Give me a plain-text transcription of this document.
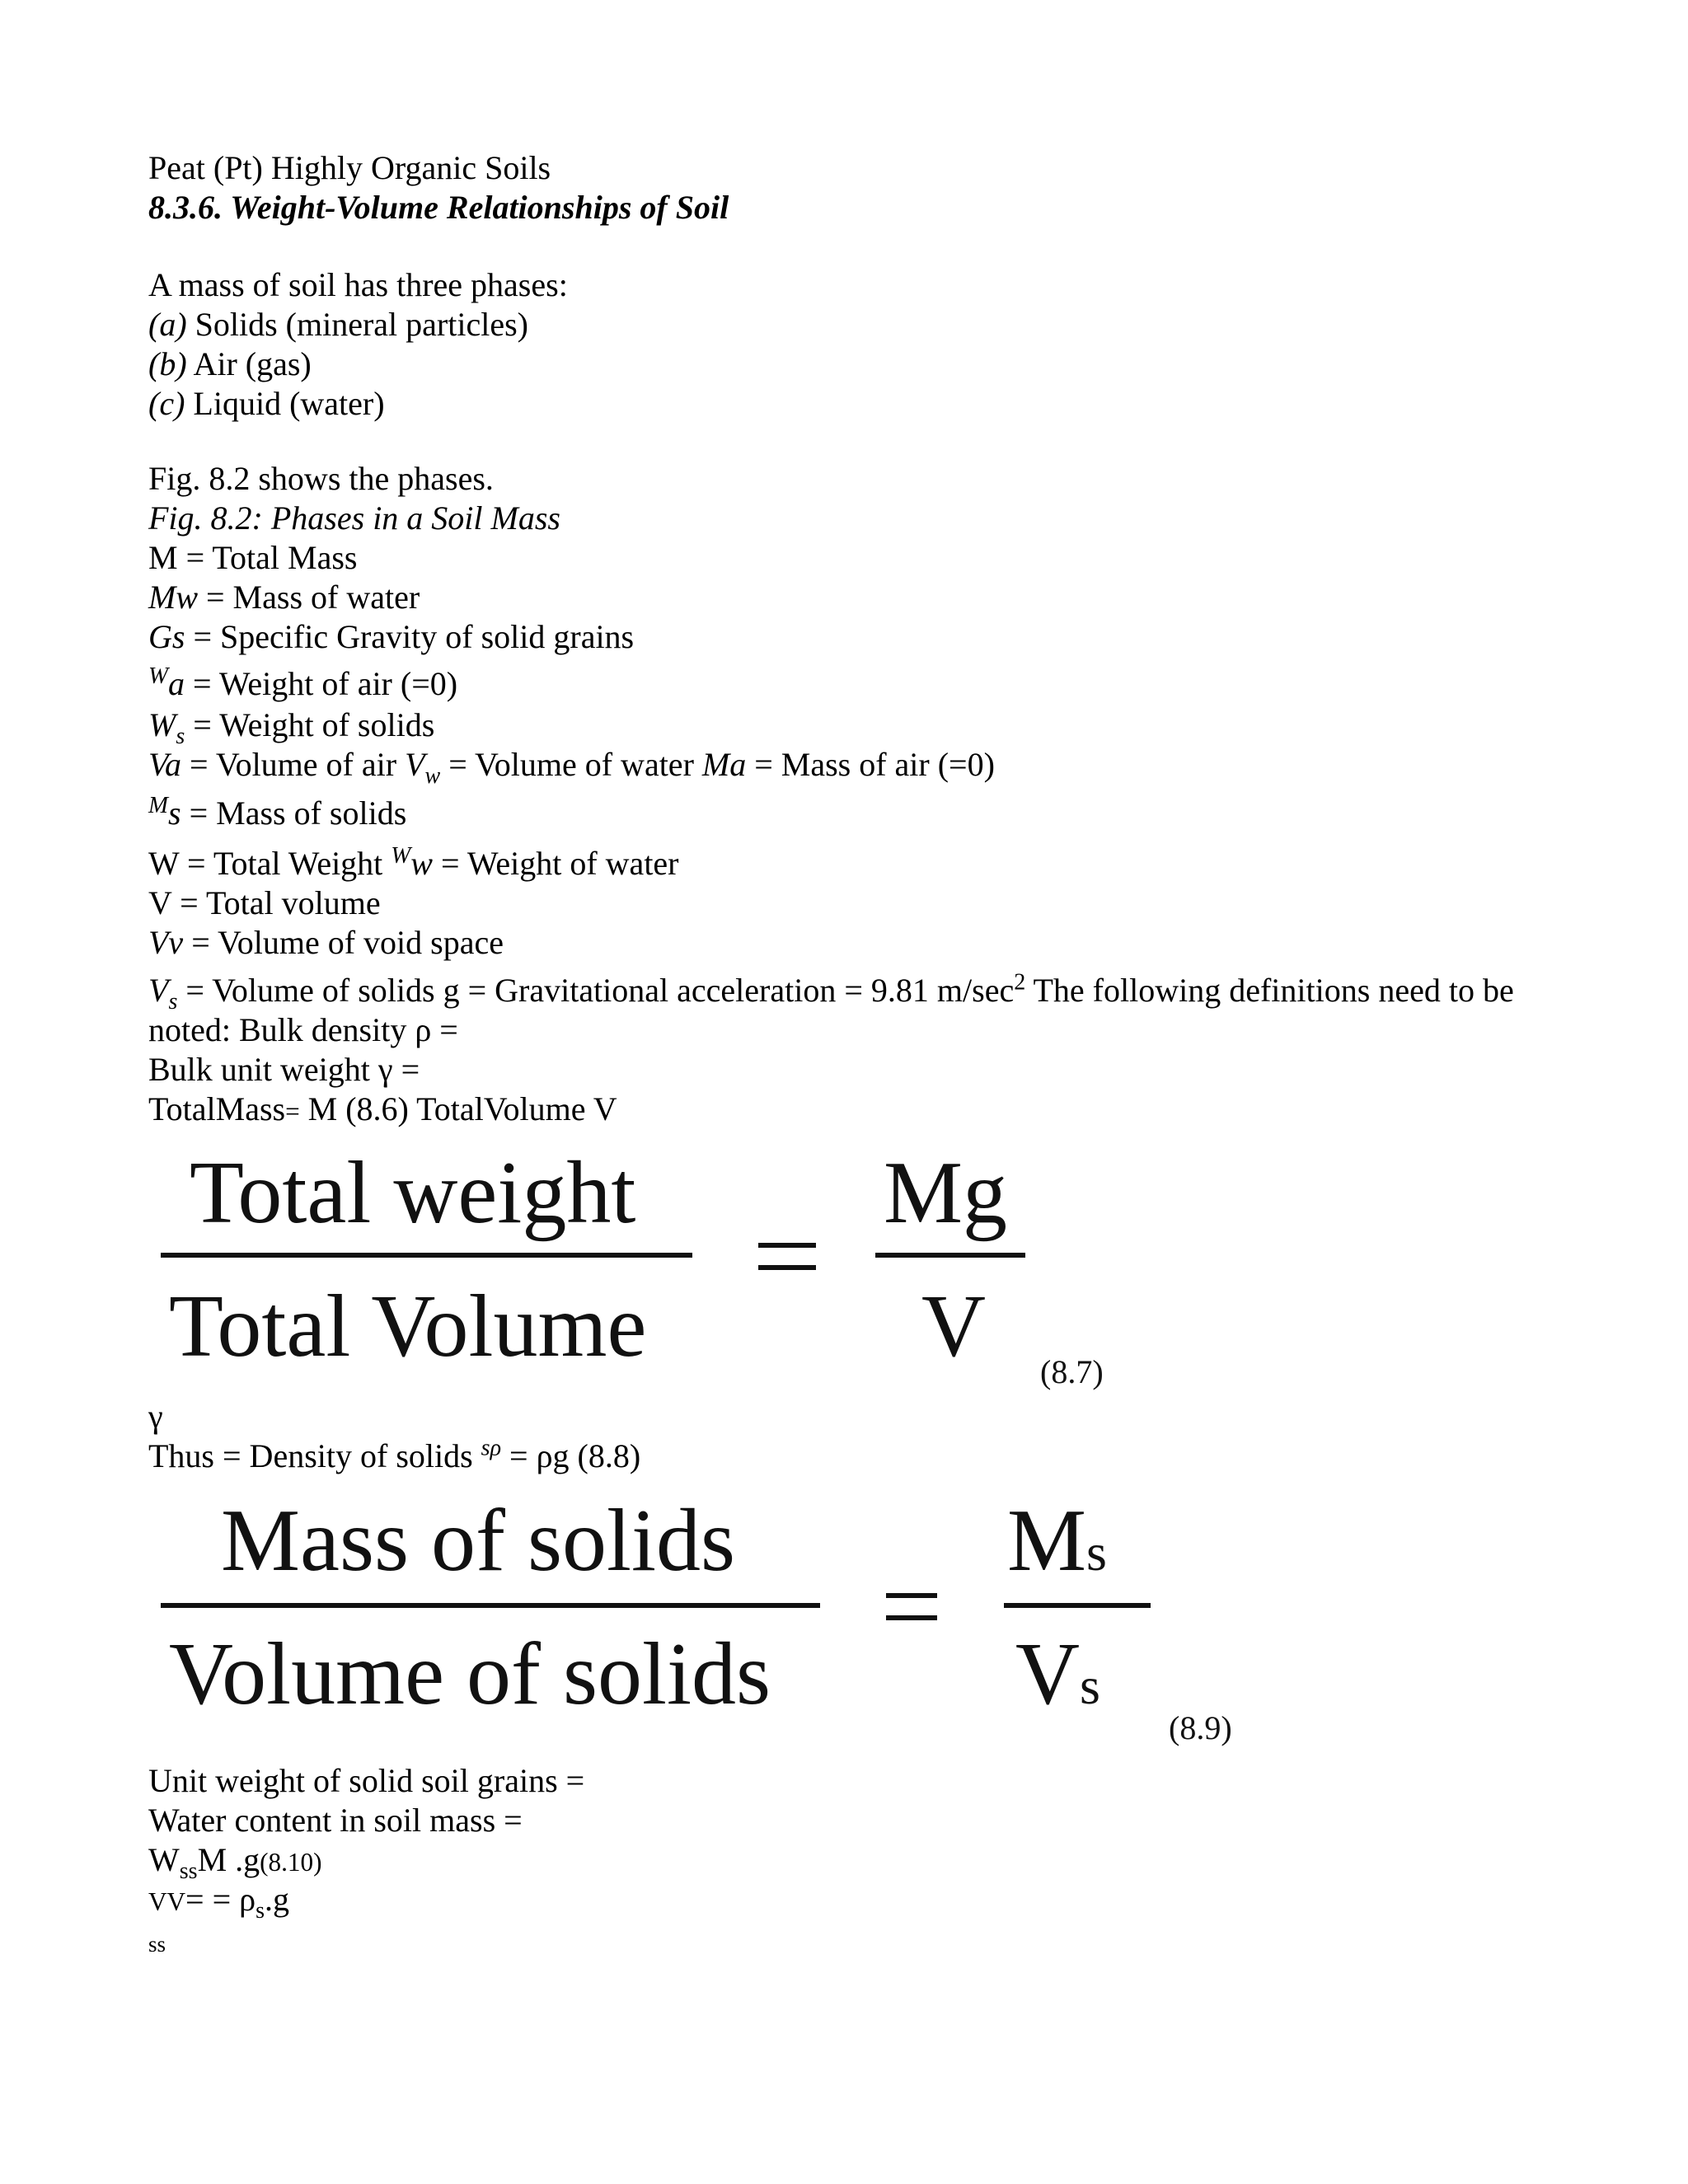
Peat (Pt) Highly Organic Soils

8.3.6. Weight-Volume Relationships of Soil

A mass of soil has three phases:

(a) Solids (mineral particles)

(b) Air (gas)

(c) Liquid (water)

Fig. 8.2 shows the phases.

Fig. 8.2: Phases in a Soil Mass

M = Total Mass

Mw = Mass of water

Gs = Specific Gravity of solid grains

$^W$a = Weight of air (=0)

$W_s$ = Weight of solids

Va = Volume of air $V_w$ = Volume of water Ma = Mass of air (=0)

$^M$s = Mass of solids

W = Total Weight $^W$w = Weight of water

V = Total volume

Vv = Volume of void space

$V_s$ = Volume of solids g = Gravitational acceleration = 9.81 $m/\sec^2$ The following definitions need to be

noted: Bulk density ρ =

Bulk unit weight γ =

TotalMass= M (8.6) TotalVolume V

Total weight
Total Volume
Mg
V (8.7)

γ

Thus = Density of solids $^{s\rho}$ = ρg (8.8)

Mass of solids
Volume of solids
Ms
Vs
(8.9)

Unit weight of solid soil grains =

Water content in soil mass =

$W_{ss}M$ .g(8.10)

$VV= = \rho_s.g$

ss
